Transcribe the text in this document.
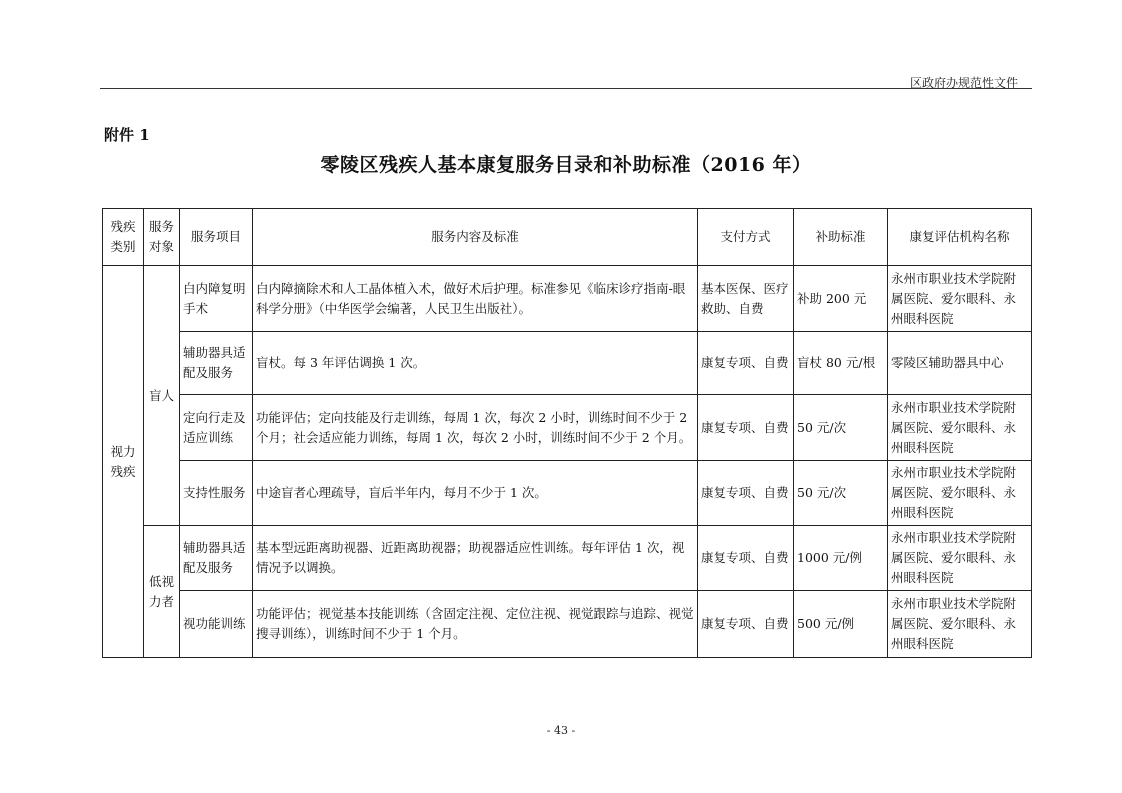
区政府办规范性文件
附件 1
零陵区残疾人基本康复服务目录和补助标准（2016 年）
残疾类别	服务对象	服务项目	服务内容及标准	支付方式	补助标准	康复评估机构名称
视力残疾	盲人	白内障复明手术	白内障摘除术和人工晶体植入术，做好术后护理。标准参见《临床诊疗指南-眼科学分册》（中华医学会编著，人民卫生出版社）。	基本医保、医疗救助、自费	补助 200 元	永州市职业技术学院附属医院、爱尔眼科、永州眼科医院
		辅助器具适配及服务	盲杖。每 3 年评估调换 1 次。	康复专项、自费	盲杖 80 元/根	零陵区辅助器具中心
		定向行走及适应训练	功能评估；定向技能及行走训练，每周 1 次，每次 2 小时，训练时间不少于 2 个月；社会适应能力训练，每周 1 次，每次 2 小时，训练时间不少于 2 个月。	康复专项、自费	50 元/次	永州市职业技术学院附属医院、爱尔眼科、永州眼科医院
		支持性服务	中途盲者心理疏导，盲后半年内，每月不少于 1 次。	康复专项、自费	50 元/次	永州市职业技术学院附属医院、爱尔眼科、永州眼科医院
	低视力者	辅助器具适配及服务	基本型远距离助视器、近距离助视器；助视器适应性训练。每年评估 1 次，视情况予以调换。	康复专项、自费	1000 元/例	永州市职业技术学院附属医院、爱尔眼科、永州眼科医院
		视功能训练	功能评估；视觉基本技能训练（含固定注视、定位注视、视觉跟踪与追踪、视觉搜寻训练），训练时间不少于 1 个月。	康复专项、自费	500 元/例	永州市职业技术学院附属医院、爱尔眼科、永州眼科医院
- 43 -
